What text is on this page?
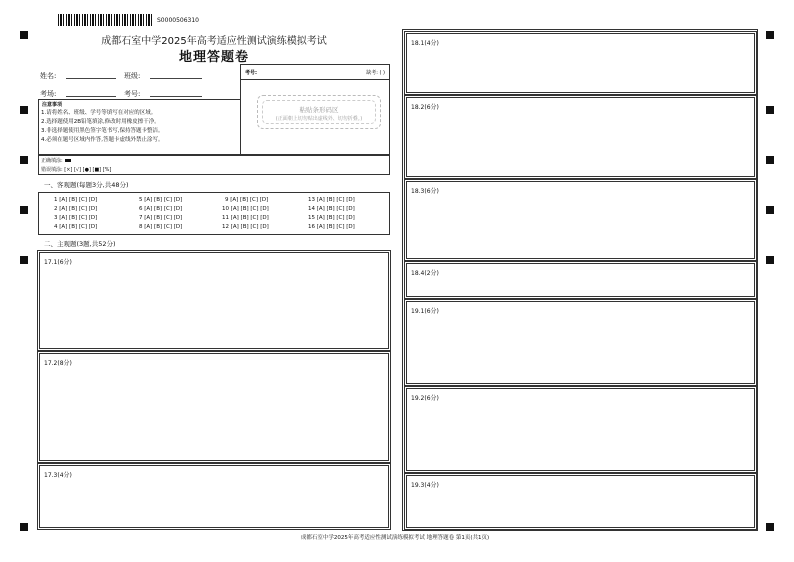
S0000506310
成都石室中学2025年高考适应性测试演练模拟考试
地理答题卷
姓名:	班级:
考场:	考号:
考号:	缺考: ( )
粘贴条形码区
(正面朝上切勿贴出虚线外、切勿折叠。)
注意事项
1.请将姓名、班级、学号等填写在对应的区域。
2.选择题使用2B铅笔填涂,修改时用橡皮擦干净。
3.非选择题使用黑色签字笔书写,保持答题卡整洁。
4.必须在题号区域内作答,答题卡虚线外禁止涂写。
正确填涂:
错误填涂: [×] [√] [●] [■] [%]
一、客观题(每题3分,共48分)
1 [A] [B] [C] [D]
2 [A] [B] [C] [D]
3 [A] [B] [C] [D]
4 [A] [B] [C] [D]
5 [A] [B] [C] [D]
6 [A] [B] [C] [D]
7 [A] [B] [C] [D]
8 [A] [B] [C] [D]
9 [A] [B] [C] [D]
10 [A] [B] [C] [D]
11 [A] [B] [C] [D]
12 [A] [B] [C] [D]
13 [A] [B] [C] [D]
14 [A] [B] [C] [D]
15 [A] [B] [C] [D]
16 [A] [B] [C] [D]
二、主观题(3题,共52分)
17.1(6分)
17.2(8分)
17.3(4分)
18.1(4分)
18.2(6分)
18.3(6分)
18.4(2分)
19.1(6分)
19.2(6分)
19.3(4分)
成都石室中学2025年高考适应性测试演练模拟考试 地理答题卷 第1页(共1页)
